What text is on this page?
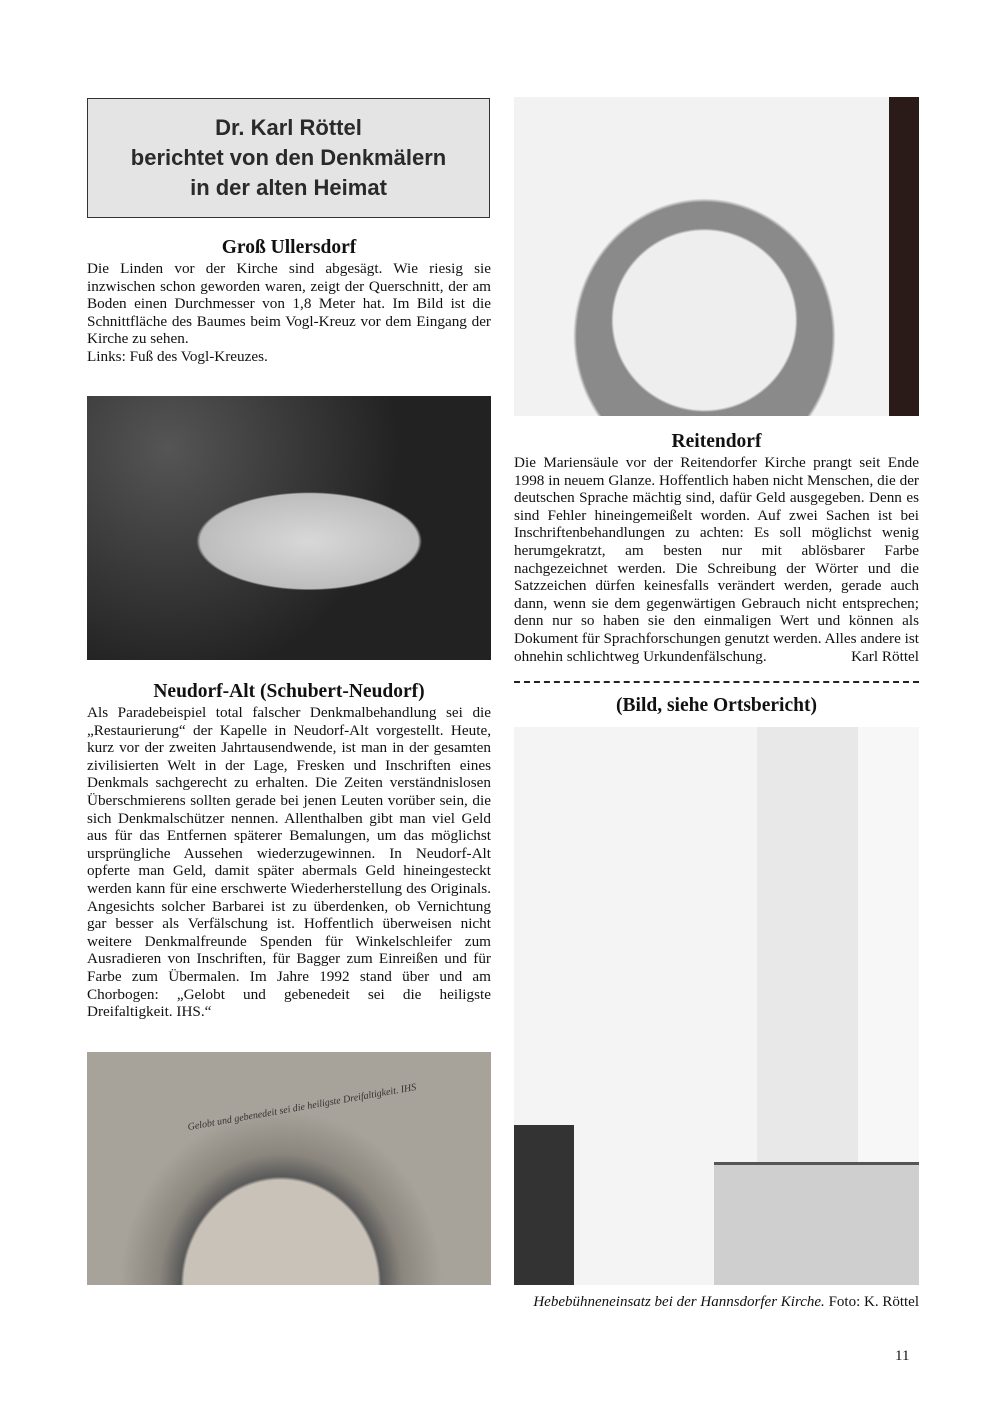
Dr. Karl Röttel
berichtet von den Denkmälern
in der alten Heimat
Groß Ullersdorf

Die Linden vor der Kirche sind abgesägt. Wie riesig sie inzwischen schon geworden waren, zeigt der Querschnitt, der am Boden einen Durchmesser von 1,8 Meter hat. Im Bild ist die Schnittfläche des Baumes beim Vogl-Kreuz vor dem Eingang der Kirche zu sehen.

Links: Fuß des Vogl-Kreuzes.

Neudorf-Alt (Schubert-Neudorf)

Als Paradebeispiel total falscher Denkmalbehandlung sei die „Restaurierung“ der Kapelle in Neudorf-Alt vorgestellt. Heute, kurz vor der zweiten Jahrtausendwende, ist man in der gesamten zivilisierten Welt in der Lage, Fresken und Inschriften eines Denkmals sachgerecht zu erhalten. Die Zeiten verständnislosen Überschmierens sollten gerade bei jenen Leuten vorüber sein, die sich Denkmalschützer nennen. Allenthalben gibt man viel Geld aus für das Entfernen späterer Bemalungen, um das möglichst ursprüngliche Aussehen wiederzugewinnen. In Neudorf-Alt opferte man Geld, damit später abermals Geld hineingesteckt werden kann für eine erschwerte Wiederherstellung des Originals. Angesichts solcher Barbarei ist zu überdenken, ob Vernichtung gar besser als Verfälschung ist. Hoffentlich überweisen nicht weitere Denkmalfreunde Spenden für Winkelschleifer zum Ausradieren von Inschriften, für Bagger zum Einreißen und für Farbe zum Übermalen. Im Jahre 1992 stand über und am Chorbogen: „Gelobt und gebenedeit sei die heiligste Dreifaltigkeit. IHS.“

Gelobt und gebenedeit sei die heiligste Dreifaltigkeit. IHS
Reitendorf

Die Mariensäule vor der Reitendorfer Kirche prangt seit Ende 1998 in neuem Glanze. Hoffentlich haben nicht Menschen, die der deutschen Sprache mächtig sind, dafür Geld ausgegeben. Denn es sind Fehler hineingemeißelt worden. Auf zwei Sachen ist bei Inschriftenbehandlungen zu achten: Es soll möglichst wenig herumgekratzt, am besten nur mit ablösbarer Farbe nachgezeichnet werden. Die Schreibung der Wörter und die Satzzeichen dürfen keinesfalls verändert werden, gerade auch dann, wenn sie dem gegenwärtigen Gebrauch nicht entsprechen; denn nur so haben sie den einmaligen Wert und können als Dokument für Sprachforschungen genutzt werden. Alles andere ist ohnehin schlichtweg Urkundenfälschung.	Karl Röttel

(Bild, siehe Ortsbericht)
Hebebühneneinsatz bei der Hannsdorfer Kirche. Foto: K. Röttel
11
